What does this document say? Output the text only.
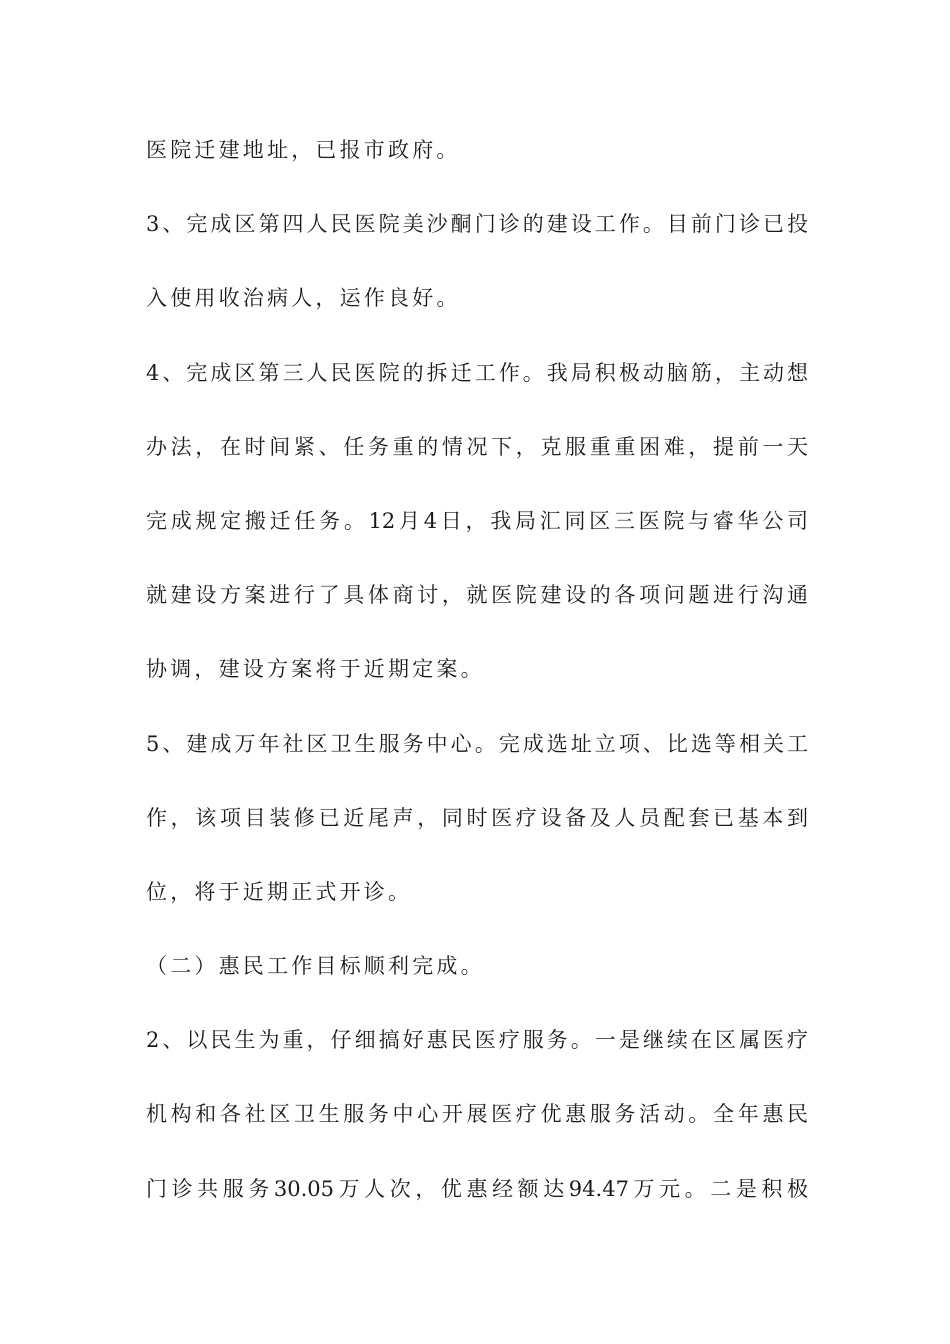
医院迁建地址，已报市政府。
3、完成区第四人民医院美沙酮门诊的建设工作。目前门诊已投
入使用收治病人，运作良好。
4、完成区第三人民医院的拆迁工作。我局积极动脑筋，主动想
办法，在时间紧、任务重的情况下，克服重重困难，提前一天
完成规定搬迁任务。12月4日，我局汇同区三医院与睿华公司
就建设方案进行了具体商讨，就医院建设的各项问题进行沟通
协调，建设方案将于近期定案。
5、建成万年社区卫生服务中心。完成选址立项、比选等相关工
作，该项目装修已近尾声，同时医疗设备及人员配套已基本到
位，将于近期正式开诊。
（二）惠民工作目标顺利完成。
2、以民生为重，仔细搞好惠民医疗服务。一是继续在区属医疗
机构和各社区卫生服务中心开展医疗优惠服务活动。全年惠民
门诊共服务30.05万人次，优惠经额达94.47万元。二是积极
